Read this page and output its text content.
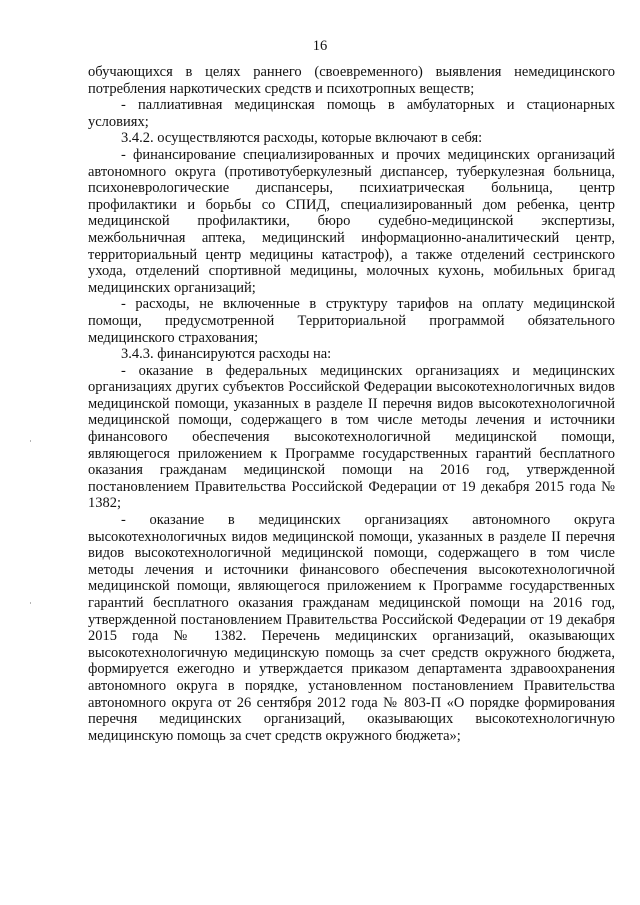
16

обучающихся в целях раннего (своевременного) выявления немедицинского потребления наркотических средств и психотропных веществ;

- паллиативная медицинская помощь в амбулаторных и стационарных условиях;

3.4.2. осуществляются расходы, которые включают в себя:

- финансирование специализированных и прочих медицинских организаций автономного округа (противотуберкулезный диспансер, туберкулезная больница, психоневрологические диспансеры, психиатрическая больница, центр профилактики и борьбы со СПИД, специализированный дом ребенка, центр медицинской профилактики, бюро судебно-медицинской экспертизы, межбольничная аптека, медицинский информационно-аналитический центр, территориальный центр медицины катастроф), а также отделений сестринского ухода, отделений спортивной медицины, молочных кухонь, мобильных бригад медицинских организаций;

- расходы, не включенные в структуру тарифов на оплату медицинской помощи, предусмотренной Территориальной программой обязательного медицинского страхования;

3.4.3. финансируются расходы на:

- оказание в федеральных медицинских организациях и медицинских организациях других субъектов Российской Федерации высокотехнологичных видов медицинской помощи, указанных в разделе II перечня видов высокотехнологичной медицинской помощи, содержащего в том числе методы лечения и источники финансового обеспечения высокотехнологичной медицинской помощи, являющегося приложением к Программе государственных гарантий бесплатного оказания гражданам медицинской помощи на 2016 год, утвержденной постановлением Правительства Российской Федерации от 19 декабря 2015 года № 1382;

- оказание в медицинских организациях автономного округа высокотехнологичных видов медицинской помощи, указанных в разделе II перечня видов высокотехнологичной медицинской помощи, содержащего в том числе методы лечения и источники финансового обеспечения высокотехнологичной медицинской помощи, являющегося приложением к Программе государственных гарантий бесплатного оказания гражданам медицинской помощи на 2016 год, утвержденной постановлением Правительства Российской Федерации от 19 декабря 2015 года № 1382. Перечень медицинских организаций, оказывающих высокотехнологичную медицинскую помощь за счет средств окружного бюджета, формируется ежегодно и утверждается приказом департамента здравоохранения автономного округа в порядке, установленном постановлением Правительства автономного округа от 26 сентября 2012 года № 803-П «О порядке формирования перечня медицинских организаций, оказывающих высокотехнологичную медицинскую помощь за счет средств окружного бюджета»;
